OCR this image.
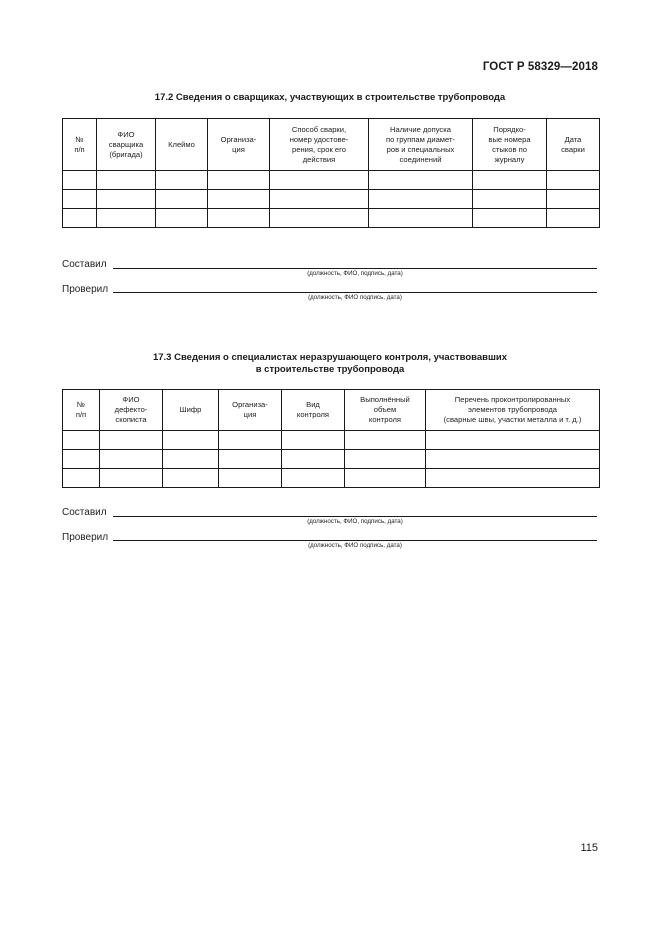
ГОСТ Р 58329—2018
17.2 Сведения о сварщиках, участвующих в строительстве трубопровода
№
п/п	ФИО
сварщика
(бригада)	Клеймо	Организа-
ция	Способ сварки,
номер удостове-
рения, срок его
действия	Наличие допуска
по группам диамет-
ров и специальных
соединений	Порядко-
вые номера
стыков по
журналу	Дата
сварки

Составил
(должность, ФИО, подпись, дата)
Проверил
(должность, ФИО подпись, дата)
17.3 Сведения о специалистах неразрушающего контроля, участвовавших
в строительстве трубопровода
№
п/п	ФИО
дефекто-
скописта	Шифр	Организа-
ция	Вид
контроля	Выполнённый
объем
контроля	Перечень проконтролированных
элементов трубопровода
(сварные швы, участки металла и т. д.)

Составил
(должность, ФИО, подпись, дата)
Проверил
(должность, ФИО подпись, дата)
115
